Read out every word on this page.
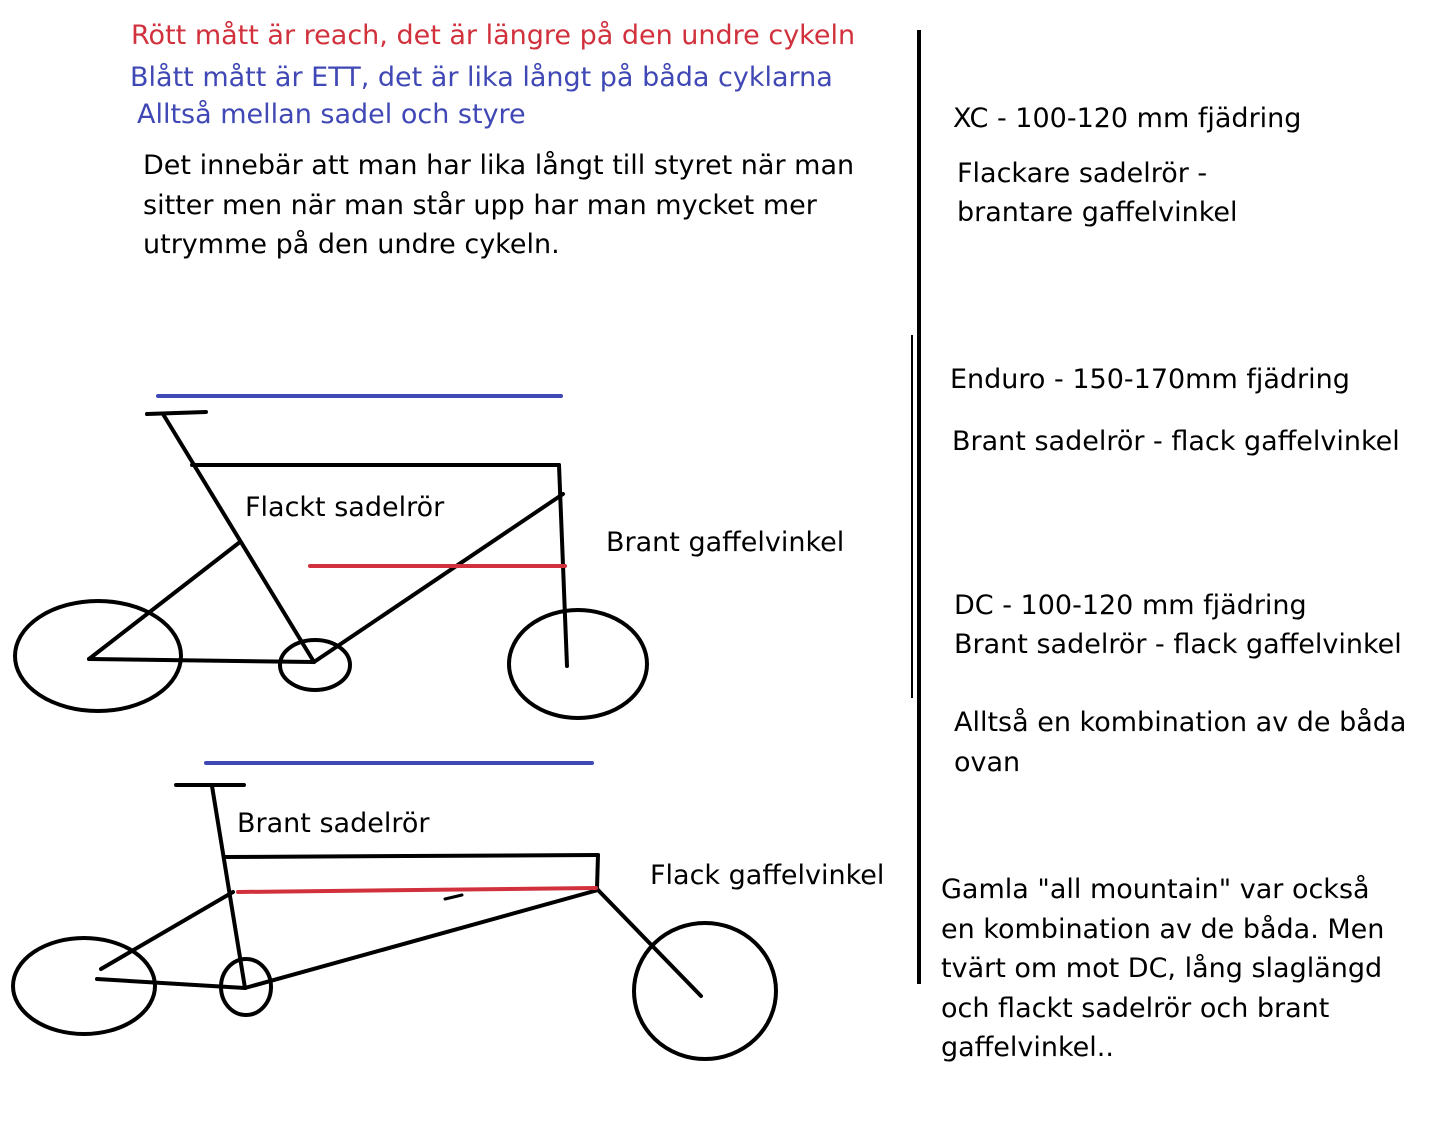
Rött mått är reach, det är längre på den undre cykeln
Blått mått är ETT, det är lika långt på båda cyklarna
Alltså mellan sadel och styre
Det innebär att man har lika långt till styret när man sitter men när man står upp har man mycket mer utrymme på den undre cykeln.
XC - 100-120 mm fjädring
Flackare sadelrör -
brantare gaffelvinkel
Enduro - 150-170mm fjädring
Brant sadelrör - flack gaffelvinkel
DC - 100-120 mm fjädring
Brant sadelrör - flack gaffelvinkel
Alltså en kombination av de båda ovan
Gamla "all mountain" var också en kombination av de båda. Men tvärt om mot DC, lång slaglängd och flackt sadelrör och brant gaffelvinkel..
Flackt sadelrör
Brant gaffelvinkel
Brant sadelrör
Flack gaffelvinkel
